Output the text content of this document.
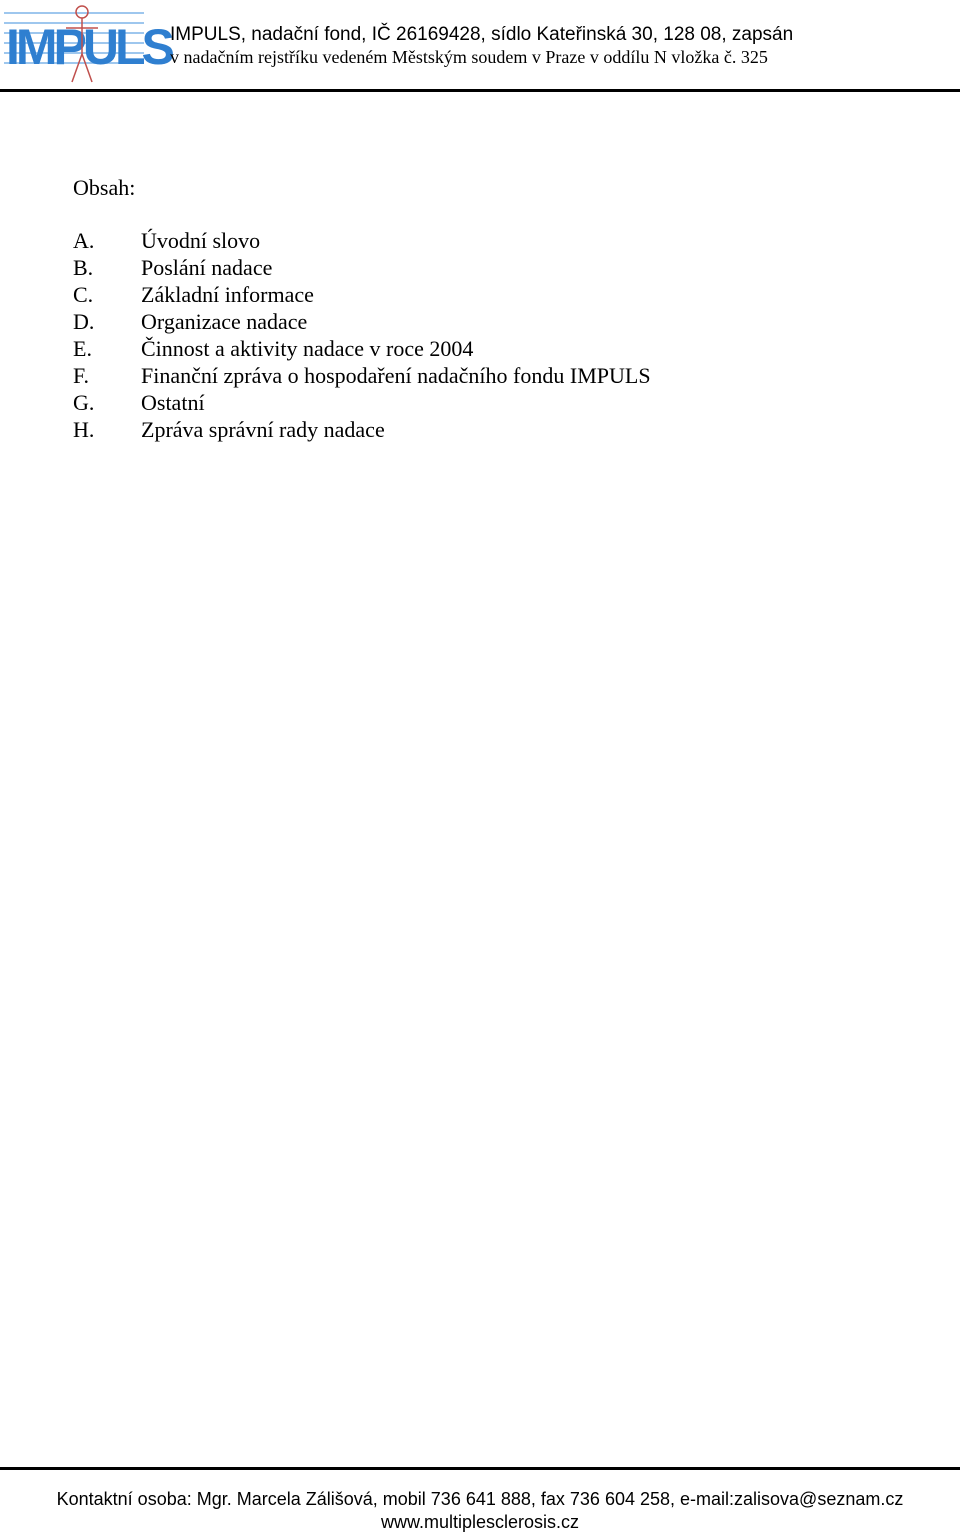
IMPULS IMPULS, nadační fond, IČ 26169428, sídlo Kateřinská 30, 128 08, zapsán
v nadačním rejstříku vedeném Městským soudem v Praze v oddílu N vložka č. 325
Obsah:
A.	Úvodní slovo
B.	Poslání nadace
C.	Základní informace
D.	Organizace nadace
E.	Činnost a aktivity nadace v roce 2004
F.	Finanční zpráva o hospodaření nadačního fondu IMPULS
G.	Ostatní
H.	Zpráva správní rady nadace
Kontaktní osoba: Mgr. Marcela Zálišová, mobil 736 641 888, fax 736 604 258, e-mail:zalisova@seznam.cz
www.multiplesclerosis.cz
